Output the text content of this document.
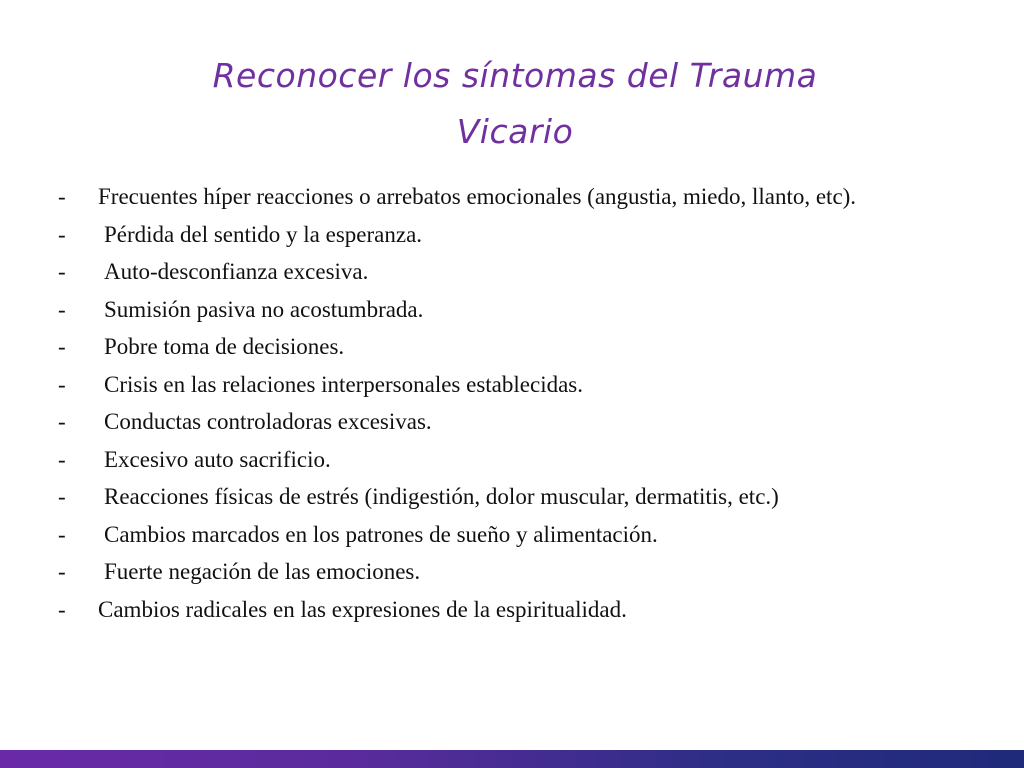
Reconocer los síntomas del Trauma
Vicario
- Frecuentes híper reacciones o arrebatos emocionales (angustia, miedo, llanto, etc).
- Pérdida del sentido y la esperanza.
- Auto-desconfianza excesiva.
- Sumisión pasiva no acostumbrada.
- Pobre toma de decisiones.
- Crisis en las relaciones interpersonales establecidas.
- Conductas controladoras excesivas.
- Excesivo auto sacrificio.
- Reacciones físicas de estrés (indigestión, dolor muscular, dermatitis, etc.)
- Cambios marcados en los patrones de sueño y alimentación.
- Fuerte negación de las emociones.
- Cambios radicales en las expresiones de la espiritualidad.
